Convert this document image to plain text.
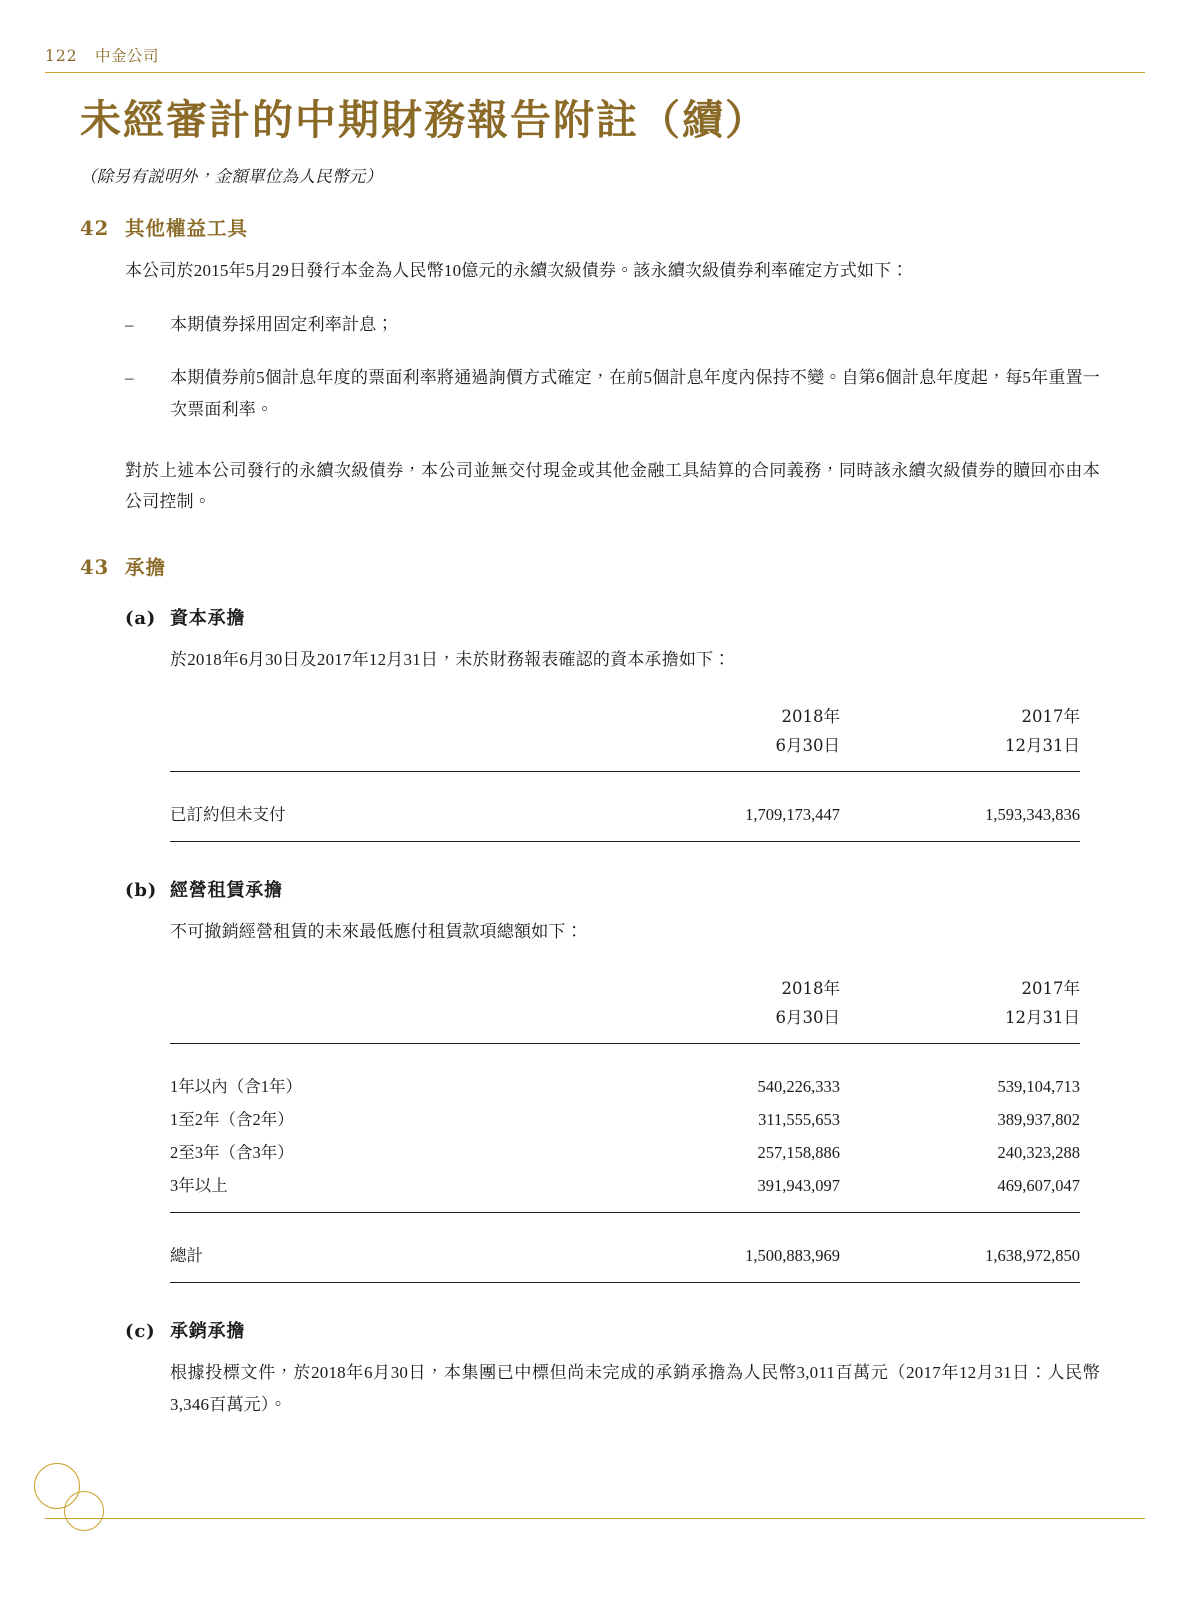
122 中金公司
未經審計的中期財務報告附註（續）
（除另有説明外，金額單位為人民幣元）
42 其他權益工具
本公司於2015年5月29日發行本金為人民幣10億元的永續次級債券。該永續次級債券利率確定方式如下：
–	本期債券採用固定利率計息；
–	本期債券前5個計息年度的票面利率將通過詢價方式確定，在前5個計息年度內保持不變。自第6個計息年度起，每5年重置一次票面利率。
對於上述本公司發行的永續次級債券，本公司並無交付現金或其他金融工具結算的合同義務，同時該永續次級債券的贖回亦由本公司控制。
43 承擔
(a) 資本承擔
於2018年6月30日及2017年12月31日，未於財務報表確認的資本承擔如下：
	2018年	2017年
	6月30日	12月31日

已訂約但未支付	1,709,173,447	1,593,343,836

(b) 經營租賃承擔
不可撤銷經營租賃的未來最低應付租賃款項總額如下：
	2018年	2017年
	6月30日	12月31日

1年以內（含1年）	540,226,333	539,104,713
1至2年（含2年）	311,555,653	389,937,802
2至3年（含3年）	257,158,886	240,323,288
3年以上	391,943,097	469,607,047

總計	1,500,883,969	1,638,972,850

(c) 承銷承擔
根據投標文件，於2018年6月30日，本集團已中標但尚未完成的承銷承擔為人民幣3,011百萬元（2017年12月31日：人民幣3,346百萬元）。
